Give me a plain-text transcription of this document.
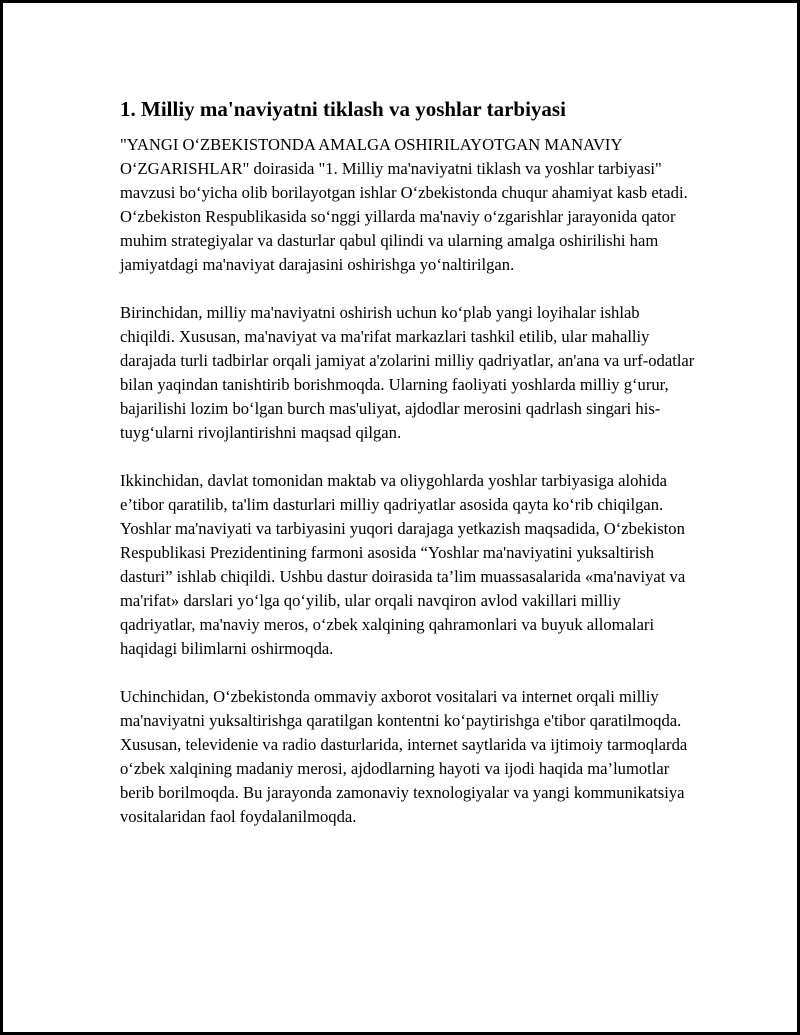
1. Milliy ma'naviyatni tiklash va yoshlar tarbiyasi

"YANGI OʻZBEKISTONDA AMALGA OSHIRILAYOTGAN MANAVIY OʻZGARISHLAR" doirasida "1. Milliy ma'naviyatni tiklash va yoshlar tarbiyasi" mavzusi boʻyicha olib borilayotgan ishlar Oʻzbekistonda chuqur ahamiyat kasb etadi. Oʻzbekiston Respublikasida soʻnggi yillarda ma'naviy oʻzgarishlar jarayonida qator muhim strategiyalar va dasturlar qabul qilindi va ularning amalga oshirilishi ham jamiyatdagi ma'naviyat darajasini oshirishga yoʻnaltirilgan.

Birinchidan, milliy ma'naviyatni oshirish uchun koʻplab yangi loyihalar ishlab chiqildi. Xususan, ma'naviyat va ma'rifat markazlari tashkil etilib, ular mahalliy darajada turli tadbirlar orqali jamiyat a'zolarini milliy qadriyatlar, an'ana va urf-odatlar bilan yaqindan tanishtirib borishmoqda. Ularning faoliyati yoshlarda milliy gʻurur, bajarilishi lozim boʻlgan burch mas'uliyat, ajdodlar merosini qadrlash singari his-tuygʻularni rivojlantirishni maqsad qilgan.

Ikkinchidan, davlat tomonidan maktab va oliygohlarda yoshlar tarbiyasiga alohida e’tibor qaratilib, ta'lim dasturlari milliy qadriyatlar asosida qayta koʻrib chiqilgan. Yoshlar ma'naviyati va tarbiyasini yuqori darajaga yetkazish maqsadida, Oʻzbekiston Respublikasi Prezidentining farmoni asosida “Yoshlar ma'naviyatini yuksaltirish dasturi” ishlab chiqildi. Ushbu dastur doirasida ta’lim muassasalarida «ma'naviyat va ma'rifat» darslari yoʻlga qoʻyilib, ular orqali navqiron avlod vakillari milliy qadriyatlar, ma'naviy meros, oʻzbek xalqining qahramonlari va buyuk allomalari haqidagi bilimlarni oshirmoqda.

Uchinchidan, Oʻzbekistonda ommaviy axborot vositalari va internet orqali milliy ma'naviyatni yuksaltirishga qaratilgan kontentni koʻpaytirishga e'tibor qaratilmoqda. Xususan, televidenie va radio dasturlarida, internet saytlarida va ijtimoiy tarmoqlarda oʻzbek xalqining madaniy merosi, ajdodlarning hayoti va ijodi haqida ma’lumotlar berib borilmoqda. Bu jarayonda zamonaviy texnologiyalar va yangi kommunikatsiya vositalaridan faol foydalanilmoqda.
